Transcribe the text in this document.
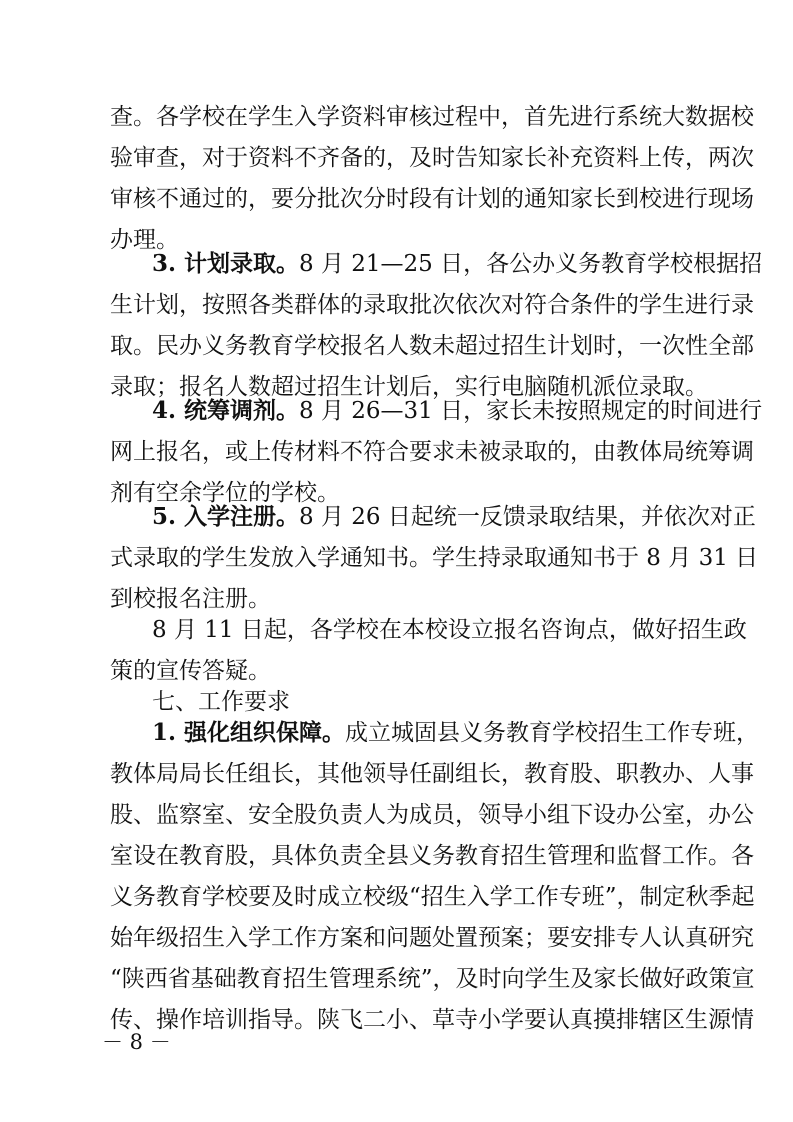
查。各学校在学生入学资料审核过程中，首先进行系统大数据校
验审查，对于资料不齐备的，及时告知家长补充资料上传，两次
审核不通过的，要分批次分时段有计划的通知家长到校进行现场
办理。
3. 计划录取。8 月 21—25 日，各公办义务教育学校根据招
生计划，按照各类群体的录取批次依次对符合条件的学生进行录
取。民办义务教育学校报名人数未超过招生计划时，一次性全部
录取；报名人数超过招生计划后，实行电脑随机派位录取。
4. 统筹调剂。8 月 26—31 日，家长未按照规定的时间进行
网上报名，或上传材料不符合要求未被录取的，由教体局统筹调
剂有空余学位的学校。
5. 入学注册。8 月 26 日起统一反馈录取结果，并依次对正
式录取的学生发放入学通知书。学生持录取通知书于 8 月 31 日
到校报名注册。
8 月 11 日起，各学校在本校设立报名咨询点，做好招生政
策的宣传答疑。
七、工作要求
1. 强化组织保障。成立城固县义务教育学校招生工作专班，
教体局局长任组长，其他领导任副组长，教育股、职教办、人事
股、监察室、安全股负责人为成员，领导小组下设办公室，办公
室设在教育股，具体负责全县义务教育招生管理和监督工作。各
义务教育学校要及时成立校级“招生入学工作专班”，制定秋季起
始年级招生入学工作方案和问题处置预案；要安排专人认真研究
“陕西省基础教育招生管理系统”，及时向学生及家长做好政策宣
传、操作培训指导。陕飞二小、草寺小学要认真摸排辖区生源情
－ 8 －
